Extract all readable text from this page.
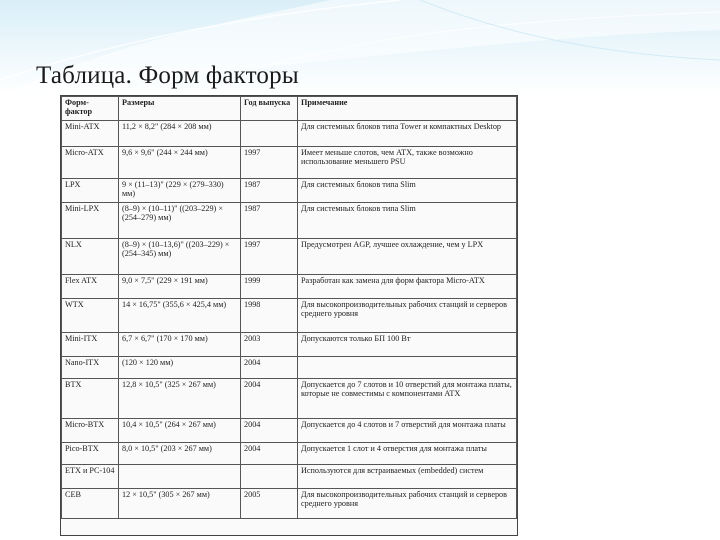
Таблица. Форм факторы
Форм-фактор	Размеры	Год выпуска	Примечание
Mini-ATX	11,2 × 8,2" (284 × 208 мм)		Для системных блоков типа Tower и компактных Desktop
Micro-ATX	9,6 × 9,6" (244 × 244 мм)	1997	Имеет меньше слотов, чем ATX, также возможно использование меньшего PSU
LPX	9 × (11–13)" (229 × (279–330) мм)	1987	Для системных блоков типа Slim
Mini-LPX	(8–9) × (10–11)" ((203–229) × (254–279) мм)	1987	Для системных блоков типа Slim
NLX	(8–9) × (10–13,6)" ((203–229) × (254–345) мм)	1997	Предусмотрен AGP, лучшее охлаждение, чем у LPX
Flex ATX	9,0 × 7,5" (229 × 191 мм)	1999	Разработан как замена для форм фактора Micro-ATX
WTX	14 × 16,75" (355,6 × 425,4 мм)	1998	Для высокопроизводительных рабочих станций и серверов среднего уровня
Mini-ITX	6,7 × 6,7" (170 × 170 мм)	2003	Допускаются только БП 100 Вт
Nano-ITX	(120 × 120 мм)	2004	
BTX	12,8 × 10,5" (325 × 267 мм)	2004	Допускается до 7 слотов и 10 отверстий для монтажа платы, которые не совместимы с компонентами ATX
Micro-BTX	10,4 × 10,5" (264 × 267 мм)	2004	Допускается до 4 слотов и 7 отверстий для монтажа платы
Pico-BTX	8,0 × 10,5" (203 × 267 мм)	2004	Допускается 1 слот и 4 отверстия для монтажа платы
ETX и PC-104			Используются для встраиваемых (embedded) систем
CEB	12 × 10,5" (305 × 267 мм)	2005	Для высокопроизводительных рабочих станций и серверов среднего уровня
